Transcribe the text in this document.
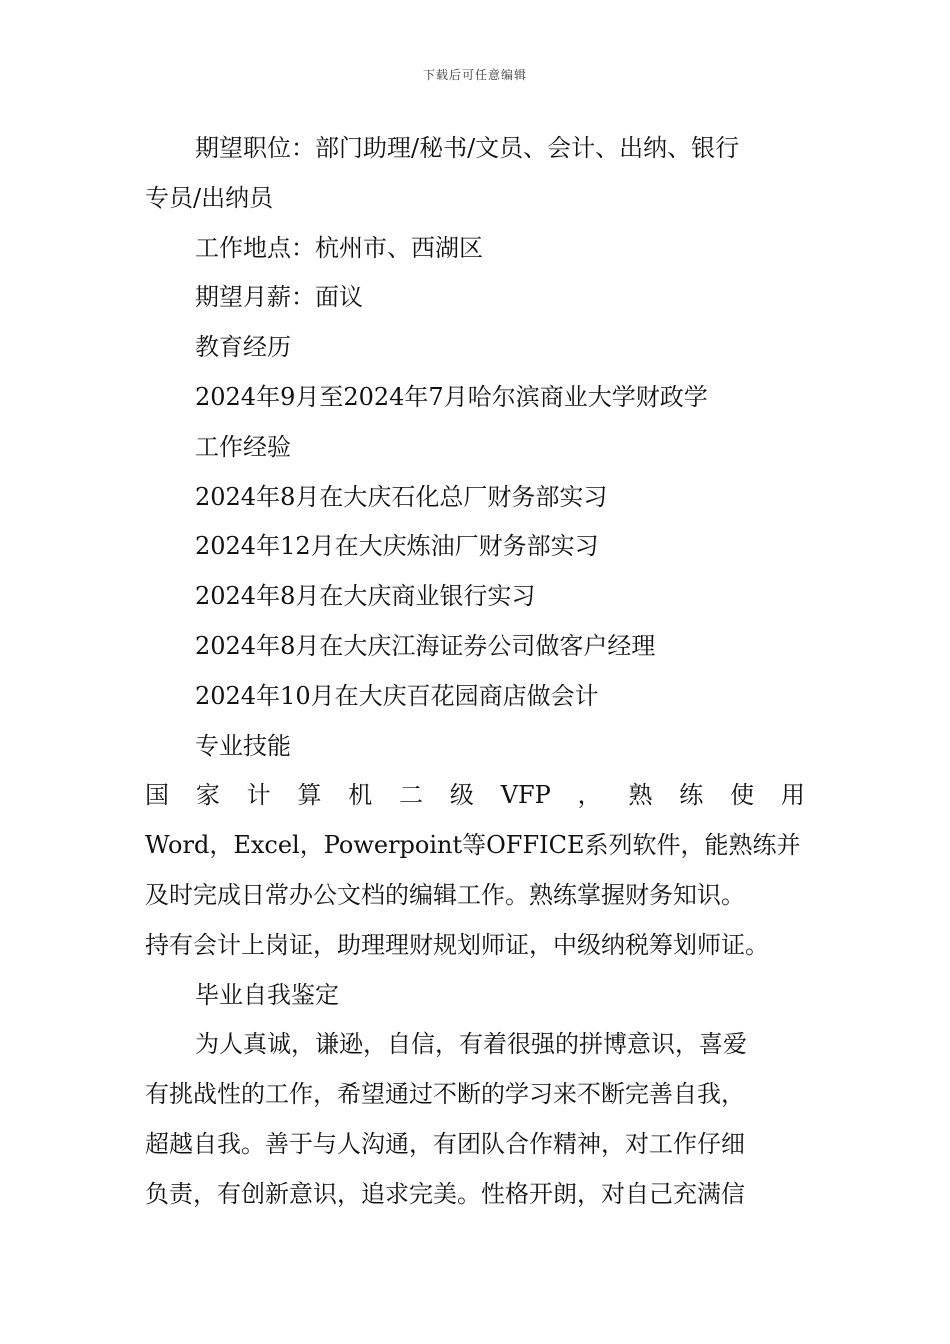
下载后可任意编辑

期望职位：部门助理/秘书/文员、会计、出纳、银行

专员/出纳员

工作地点：杭州市、西湖区

期望月薪：面议

教育经历

2024年9月至2024年7月哈尔滨商业大学财政学

工作经验

2024年8月在大庆石化总厂财务部实习

2024年12月在大庆炼油厂财务部实习

2024年8月在大庆商业银行实习

2024年8月在大庆江海证券公司做客户经理

2024年10月在大庆百花园商店做会计

专业技能

国 家 计 算 机 二 级 VFP ， 熟 练 使 用

Word，Excel，Powerpoint等OFFICE系列软件，能熟练并

及时完成日常办公文档的编辑工作。熟练掌握财务知识。

持有会计上岗证，助理理财规划师证，中级纳税筹划师证。

毕业自我鉴定

为人真诚，谦逊，自信，有着很强的拼博意识，喜爱

有挑战性的工作，希望通过不断的学习来不断完善自我，

超越自我。善于与人沟通，有团队合作精神，对工作仔细

负责，有创新意识，追求完美。性格开朗，对自己充满信
